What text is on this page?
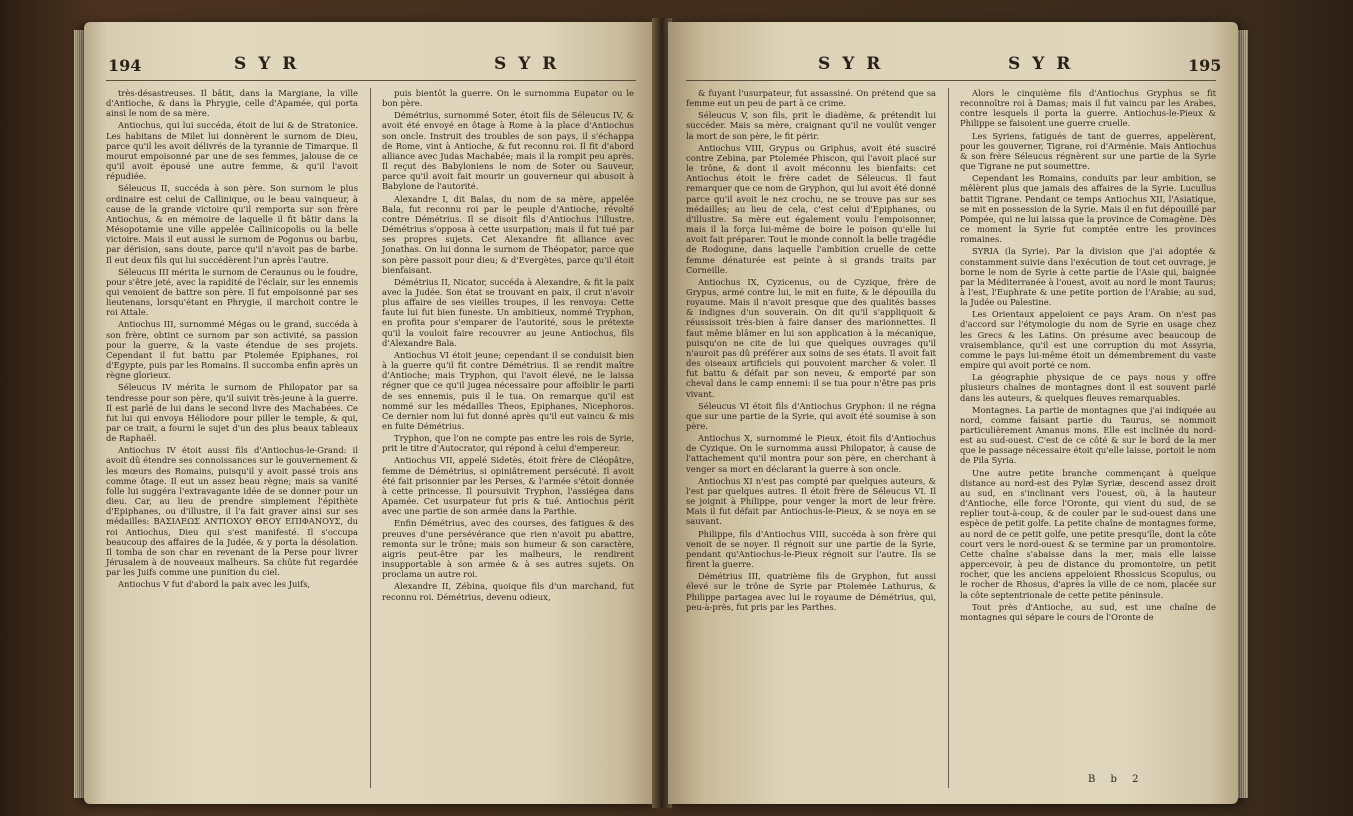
194	S Y R	S Y R

très-désastreuses. Il bâtit, dans la Margiane, la ville d'Antioche, & dans la Phrygie, celle d'Apamée, qui porta ainsi le nom de sa mère.

Antiochus, qui lui succéda, étoit de lui & de Stratonice. Les habitans de Milet lui donnèrent le surnom de Dieu, parce qu'il les avoit délivrés de la tyrannie de Timarque. Il mourut empoisonné par une de ses femmes, jalouse de ce qu'il avoit épousé une autre femme, & qu'il l'avoit répudiée.

Séleucus II, succéda à son père. Son surnom le plus ordinaire est celui de Callinique, ou le beau vainqueur, à cause de la grande victoire qu'il remporta sur son frère Antiochus, & en mémoire de laquelle il fit bâtir dans la Mésopotamie une ville appelée Callinicopolis ou la belle victoire. Mais il eut aussi le surnom de Pogonus ou barbu, par dérision, sans doute, parce qu'il n'avoit pas de barbe. Il eut deux fils qui lui succédèrent l'un après l'autre.

Séleucus III mérita le surnom de Ceraunus ou le foudre, pour s'être jeté, avec la rapidité de l'éclair, sur les ennemis qui venoient de battre son père. Il fut empoisonné par ses lieutenans, lorsqu'étant en Phrygie, il marchoit contre le roi Attale.

Antiochus III, surnommé Mégas ou le grand, succéda à son frère, obtint ce surnom par son activité, sa passion pour la guerre, & la vaste étendue de ses projets. Cependant il fut battu par Ptolemée Epiphanes, roi d'Egypte, puis par les Romains. Il succomba enfin après un règne glorieux.

Séleucus IV mérita le surnom de Philopator par sa tendresse pour son père, qu'il suivit très-jeune à la guerre. Il est parlé de lui dans le second livre des Machabées. Ce fut lui qui envoya Héliodore pour piller le temple, & qui, par ce trait, a fourni le sujet d'un des plus beaux tableaux de Raphaël.

Antiochus IV étoit aussi fils d'Antiochus-le-Grand: il avoit dû étendre ses connoissances sur le gouvernement & les mœurs des Romains, puisqu'il y avoit passé trois ans comme ôtage. Il eut un assez beau règne; mais sa vanité folle lui suggéra l'extravagante idée de se donner pour un dieu. Car, au lieu de prendre simplement l'épithète d'Epiphanes, ou d'illustre, il l'a fait graver ainsi sur ses médailles: ΒΑΣΙΛΕΩΣ ΑΝΤΙΟΧΟΥ ΘΕΟΥ ΕΠΙΦΑΝΟΥΣ, du roi Antiochus, Dieu qui s'est manifesté. Il s'occupa beaucoup des affaires de la Judée, & y porta la désolation. Il tomba de son char en revenant de la Perse pour livrer Jérusalem à de nouveaux malheurs. Sa chûte fut regardée par les Juifs comme une punition du ciel.

Antiochus V fut d'abord la paix avec les Juifs,

puis bientôt la guerre. On le surnomma Eupator ou le bon père.

Démétrius, surnommé Soter, étoit fils de Séleucus IV, & avoit été envoyé en ôtage à Rome à la place d'Antiochus son oncle. Instruit des troubles de son pays, il s'échappa de Rome, vint à Antioche, & fut reconnu roi. Il fit d'abord alliance avec Judas Machabée; mais il la rompit peu après. Il reçut des Babyloniens le nom de Soter ou Sauveur, parce qu'il avoit fait mourir un gouverneur qui abusoit à Babylone de l'autorité.

Alexandre I, dit Balas, du nom de sa mère, appelée Bala, fut reconnu roi par le peuple d'Antioche, révolté contre Démétrius. Il se disoit fils d'Antiochus l'illustre. Démétrius s'opposa à cette usurpation; mais il fut tué par ses propres sujets. Cet Alexandre fit alliance avec Jonathas. On lui donna le surnom de Théopator, parce que son père passoit pour dieu; & d'Evergètes, parce qu'il étoit bienfaisant.

Démétrius II, Nicator, succéda à Alexandre, & fit la paix avec la Judée. Son état se trouvant en paix, il crut n'avoir plus affaire de ses vieilles troupes, il les renvoya: Cette faute lui fut bien funeste. Un ambitieux, nommé Tryphon, en profita pour s'emparer de l'autorité, sous le prétexte qu'il la vouloit faire recouvrer au jeune Antiochus, fils d'Alexandre Bala.

Antiochus VI étoit jeune; cependant il se conduisit bien à la guerre qu'il fit contre Démétrius. Il se rendit maître d'Antioche; mais Tryphon, qui l'avoit élevé, ne le laissa régner que ce qu'il jugea nécessaire pour affoiblir le parti de ses ennemis, puis il le tua. On remarque qu'il est nommé sur les médailles Theos, Epiphanes, Nicephoros. Ce dernier nom lui fut donné après qu'il eut vaincu & mis en fuite Démétrius.

Tryphon, que l'on ne compte pas entre les rois de Syrie, prit le titre d'Autocrator, qui répond à celui d'empereur.

Antiochus VII, appelé Sidetès, étoit frère de Cléopâtre, femme de Démétrius, si opiniâtrement persécuté. Il avoit été fait prisonnier par les Perses, & l'armée s'étoit donnée à cette princesse. Il poursuivit Tryphon, l'assiégea dans Apamée. Cet usurpateur fut pris & tué. Antiochus périt avec une partie de son armée dans la Parthie.

Enfin Démétrius, avec des courses, des fatigues & des preuves d'une persévérance que rien n'avoit pu abattre, remonta sur le trône; mais son humeur & son caractère, aigris peut-être par les malheurs, le rendirent insupportable à son armée & à ses autres sujets. On proclama un autre roi.

Alexandre II, Zébina, quoique fils d'un marchand, fut reconnu roi. Démétrius, devenu odieux,

S Y R	S Y R	195

& fuyant l'usurpateur, fut assassiné. On prétend que sa femme eut un peu de part à ce crime.

Séleucus V, son fils, prit le diadème, & prétendit lui succéder. Mais sa mère, craignant qu'il ne voulût venger la mort de son père, le fit périr.

Antiochus VIII, Grypus ou Griphus, avoit été susciré contre Zebina, par Ptolemée Phiscon, qui l'avoit placé sur le trône, & dont il avoit méconnu les bienfaits: cet Antiochus étoit le frère cadet de Séleucus. Il faut remarquer que ce nom de Gryphon, qui lui avoit été donné parce qu'il avoit le nez crochu, ne se trouve pas sur ses médailles; au lieu de cela, c'est celui d'Epiphanes, ou d'illustre. Sa mère eut également voulu l'empoisonner, mais il la força lui-même de boire le poison qu'elle lui avoit fait préparer. Tout le monde connoît la belle tragédie de Rodogune, dans laquelle l'ambition cruelle de cette femme dénaturée est peinte à si grands traits par Corneille.

Antiochus IX, Cyzicenus, ou de Cyzique, frère de Grypus, armé contre lui, le mit en fuite, & le dépouilla du royaume. Mais il n'avoit presque que des qualités basses & indignes d'un souverain. On dit qu'il s'appliquoit & réussissoit très-bien à faire danser des marionnettes. Il faut même blâmer en lui son application à la mécanique, puisqu'on ne cite de lui que quelques ouvrages qu'il n'auroit pas dû préférer aux soins de ses états. Il avoit fait des oiseaux artificiels qui pouvoient marcher & voler. Il fut battu & défait par son neveu, & emporté par son cheval dans le camp ennemi: il se tua pour n'être pas pris vivant.

Séleucus VI étoit fils d'Antiochus Gryphon: il ne régna que sur une partie de la Syrie, qui avoit été soumise à son père.

Antiochus X, surnommé le Pieux, étoit fils d'Antiochus de Cyzique. On le surnomma aussi Philopator, à cause de l'attachement qu'il montra pour son père, en cherchant à venger sa mort en déclarant la guerre à son oncle.

Antiochus XI n'est pas compté par quelques auteurs, & l'est par quelques autres. Il étoit frère de Séleucus VI. Il se joignit à Philippe, pour venger la mort de leur frère. Mais il fut défait par Antiochus-le-Pieux, & se noya en se sauvant.

Philippe, fils d'Antiochus VIII, succéda à son frère qui venoit de se noyer. Il régnoit sur une partie de la Syrie, pendant qu'Antiochus-le-Pieux régnoit sur l'autre. Ils se firent la guerre.

Démétrius III, quatrième fils de Gryphon, fut aussi élevé sur le trône de Syrie par Ptolemée Lathurus, & Philippe partagea avec lui le royaume de Démétrius, qui, peu-à-près, fut pris par les Parthes.

Alors le cinquième fils d'Antiochus Gryphus se fit reconnoître roi à Damas; mais il fut vaincu par les Arabes, contre lesquels il porta la guerre. Antiochus-le-Pieux & Philippe se faisoient une guerre cruelle.

Les Syriens, fatigués de tant de guerres, appelèrent, pour les gouverner, Tigrane, roi d'Arménie. Mais Antiochus & son frère Séleucus régnèrent sur une partie de la Syrie que Tigrane ne put soumettre.

Cependant les Romains, conduits par leur ambition, se mêlèrent plus que jamais des affaires de la Syrie. Lucullus battit Tigrane. Pendant ce temps Antiochus XII, l'Asiatique, se mit en possession de la Syrie. Mais il en fut dépouillé par Pompée, qui ne lui laissa que la province de Comagène. Dès ce moment la Syrie fut comptée entre les provinces romaines.

SYRIA (la Syrie). Par la division que j'ai adoptée & constamment suivie dans l'exécution de tout cet ouvrage, je borne le nom de Syrie à cette partie de l'Asie qui, baignée par la Méditerranée à l'ouest, avoit au nord le mont Taurus; à l'est, l'Euphrate & une petite portion de l'Arabie; au sud, la Judée ou Palestine.

Les Orientaux appeloient ce pays Aram. On n'est pas d'accord sur l'étymologie du nom de Syrie en usage chez les Grecs & les Latins. On présume avec beaucoup de vraisemblance, qu'il est une corruption du mot Assyria, comme le pays lui-même étoit un démembrement du vaste empire qui avoit porté ce nom.

La géographie physique de ce pays nous y offre plusieurs chaînes de montagnes dont il est souvent parlé dans les auteurs, & quelques fleuves remarquables.

Montagnes. La partie de montagnes que j'ai indiquée au nord, comme faisant partie du Taurus, se nommoit particulièrement Amanus mons. Elle est inclinée du nord-est au sud-ouest. C'est de ce côté & sur le bord de la mer que le passage nécessaire étoit qu'elle laisse, portoit le nom de Pila Syria.

Une autre petite branche commençant à quelque distance au nord-est des Pylæ Syriæ, descend assez droit au sud, en s'inclinant vers l'ouest, où, à la hauteur d'Antioche, elle force l'Oronte, qui vient du sud, de se replier tout-à-coup, & de couler par le sud-ouest dans une espèce de petit golfe. La petite chaîne de montagnes forme, au nord de ce petit golfe, une petite presqu'île, dont la côte court vers le nord-ouest & se termine par un promontoire. Cette chaîne s'abaisse dans la mer, mais elle laisse appercevoir, à peu de distance du promontoire, un petit rocher, que les anciens appeloient Rhossicus Scopulus, ou le rocher de Rhosus, d'après la ville de ce nom, placée sur la côte septentrionale de cette petite péninsule.

Tout près d'Antioche, au sud, est une chaîne de montagnes qui sépare le cours de l'Oronte de

B b 2
